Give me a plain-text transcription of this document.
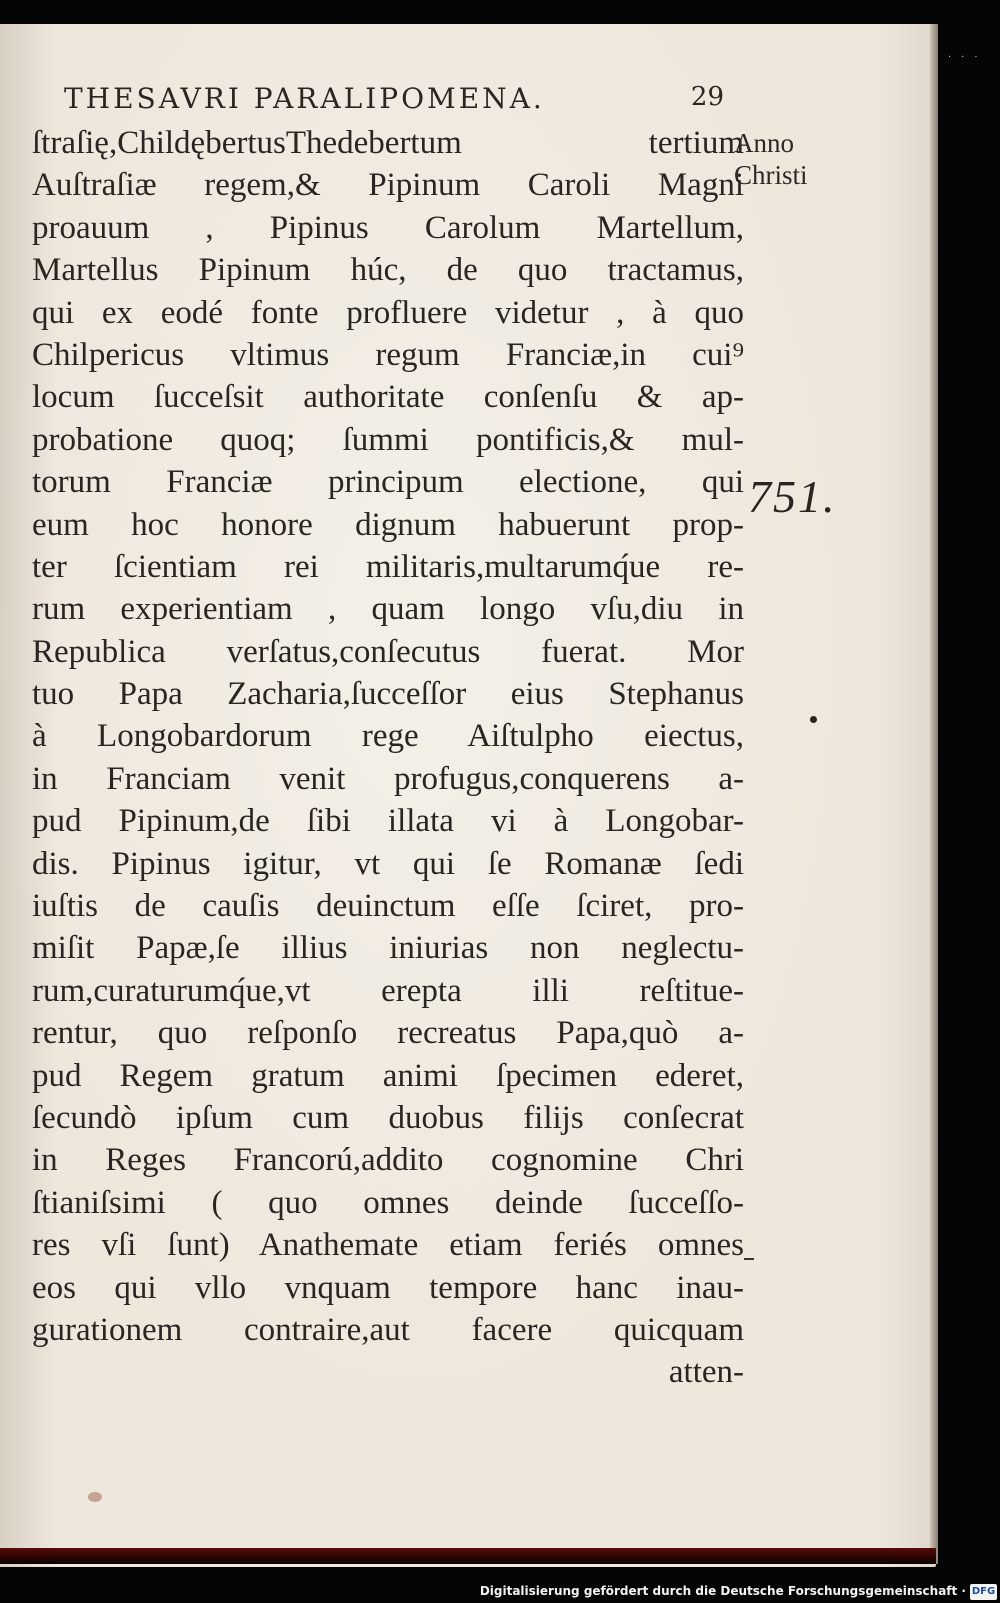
···
THESAVRI PARALIPOMENA.	29
ſtraſię,ChildębertusThedebertum tertium
Auſtraſiæ regem,& Pipinum Caroli Magni
proauum , Pipinus Carolum Martellum,
Martellus Pipinum húc, de quo tractamus,
qui ex eodé fonte profluere videtur , à quo
Chilpericus vltimus regum Franciæ,in cui⁹
locum ſucceſsit authoritate conſenſu & ap-
probatione quoq; ſummi pontificis,& mul-
torum Franciæ principum electione, qui
eum hoc honore dignum habuerunt prop-
ter ſcientiam rei militaris,multarumq́ue re-
rum experientiam , quam longo vſu,diu in
Republica verſatus,conſecutus fuerat. Mor
tuo Papa Zacharia,ſucceſſor eius Stephanus
à Longobardorum rege Aiſtulpho eiectus,
in Franciam venit profugus,conquerens a-
pud Pipinum,de ſibi illata vi à Longobar-
dis. Pipinus igitur, vt qui ſe Romanæ ſedi
iuſtis de cauſis deuinctum eſſe ſciret, pro-
miſit Papæ,ſe illius iniurias non neglectu-
rum,curaturumq́ue,vt erepta illi reſtitue-
rentur, quo reſponſo recreatus Papa,quò a-
pud Regem gratum animi ſpecimen ederet,
ſecundò ipſum cum duobus filijs conſecrat
in Reges Francorú,addito cognomine Chri
ſtianiſsimi ( quo omnes deinde ſucceſſo-
res vſi ſunt) Anathemate etiam feriés omnes
eos qui vllo vnquam tempore hanc inau-
gurationem contraire,aut facere quicquam
atten-
Anno
Christi
751.
Digitalisierung gefördert durch die Deutsche Forschungsgemeinschaft · DFG
